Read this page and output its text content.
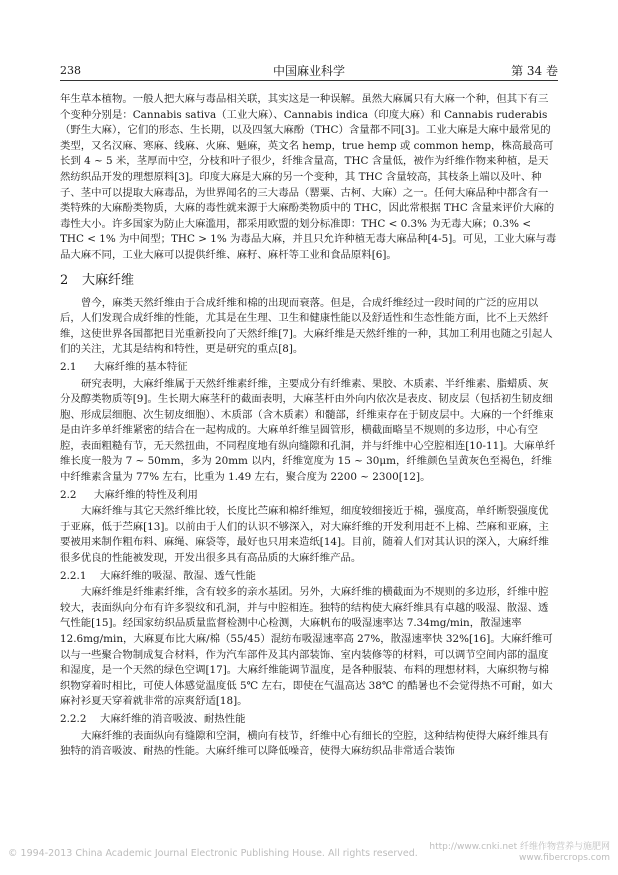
238	中国麻业科学	第 34 卷

年生草本植物。一般人把大麻与毒品相关联，其实这是一种误解。虽然大麻属只有大麻一个种，但其下有三个变种分别是：Cannabis sativa（工业大麻）、Cannabis indica（印度大麻）和 Cannabis ruderabis（野生大麻），它们的形态、生长期，以及四氢大麻酚（THC）含量都不同[3]。工业大麻是大麻中最常见的类型，又名汉麻、寒麻、线麻、火麻、魁麻，英文名 hemp，true hemp 或 common hemp，株高最高可长到 4 ~ 5 米，茎厚而中空，分枝和叶子很少，纤维含量高，THC 含量低，被作为纤维作物来种植，是天然纺织品开发的理想原料[3]。印度大麻是大麻的另一个变种，其 THC 含量较高，其枝条上端以及叶、种子、茎中可以提取大麻毒品，为世界闻名的三大毒品（罂粟、古柯、大麻）之一。任何大麻品种中都含有一类特殊的大麻酚类物质，大麻的毒性就来源于大麻酚类物质中的 THC，因此常根据 THC 含量来评价大麻的毒性大小。许多国家为防止大麻滥用，都采用欧盟的划分标准即：THC < 0.3% 为无毒大麻；0.3% < THC < 1% 为中间型；THC > 1% 为毒品大麻，并且只允许种植无毒大麻品种[4-5]。可见，工业大麻与毒品大麻不同，工业大麻可以提供纤维、麻籽、麻杆等工业和食品原料[6]。

2 大麻纤维

曾今，麻类天然纤维由于合成纤维和棉的出现而衰落。但是，合成纤维经过一段时间的广泛的应用以后，人们发现合成纤维的性能，尤其是在生理、卫生和健康性能以及舒适性和生态性能方面，比不上天然纤维，这使世界各国都把目光重新投向了天然纤维[7]。大麻纤维是天然纤维的一种，其加工利用也随之引起人们的关注，尤其是结构和特性，更是研究的重点[8]。

2.1 大麻纤维的基本特征

研究表明，大麻纤维属于天然纤维素纤维，主要成分有纤维素、果胶、木质素、半纤维素、脂蜡质、灰分及醇类物质等[9]。生长期大麻茎秆的截面表明，大麻茎杆由外向内依次是表皮、韧皮层（包括初生韧皮细胞、形成层细胞、次生韧皮细胞）、木质部（含木质素）和髓部，纤维束存在于韧皮层中。大麻的一个纤维束是由许多单纤维紧密的结合在一起构成的。大麻单纤维呈圆管形，横截面略呈不规则的多边形，中心有空腔，表面粗糙有节，无天然扭曲，不同程度地有纵向缝隙和孔洞，并与纤维中心空腔相连[10-11]。大麻单纤维长度一般为 7 ~ 50mm，多为 20mm 以内，纤维宽度为 15 ~ 30μm，纤维颜色呈黄灰色至褐色，纤维中纤维素含量为 77% 左右，比重为 1.49 左右，聚合度为 2200 ~ 2300[12]。

2.2 大麻纤维的特性及利用

大麻纤维与其它天然纤维比较，长度比苎麻和棉纤维短，细度较细接近于棉，强度高，单纤断裂强度优于亚麻，低于苎麻[13]。以前由于人们的认识不够深入，对大麻纤维的开发利用赶不上棉、苎麻和亚麻，主要被用来制作粗布料、麻绳、麻袋等，最好也只用来造纸[14]。目前，随着人们对其认识的深入，大麻纤维很多优良的性能被发现，开发出很多具有高品质的大麻纤维产品。

2.2.1 大麻纤维的吸湿、散湿、透气性能

大麻纤维是纤维素纤维，含有较多的亲水基团。另外，大麻纤维的横截面为不规则的多边形，纤维中腔较大，表面纵向分布有许多裂纹和孔洞，并与中腔相连。独特的结构使大麻纤维具有卓越的吸湿、散湿、透气性能[15]。经国家纺织品质量监督检测中心检测，大麻帆布的吸湿速率达 7.34mg/min，散湿速率 12.6mg/min，大麻夏布比大麻/棉（55/45）混纺布吸湿速率高 27%，散湿速率快 32%[16]。大麻纤维可以与一些聚合物制成复合材料，作为汽车部件及其内部装饰、室内装修等的材料，可以调节空间内部的温度和湿度，是一个天然的绿色空调[17]。大麻纤维能调节温度，是各种服装、布料的理想材料，大麻织物与棉织物穿着时相比，可使人体感觉温度低 5℃ 左右，即使在气温高达 38℃ 的酷暑也不会觉得热不可耐，如大麻衬衫夏天穿着就非常的凉爽舒适[18]。

2.2.2 大麻纤维的消音吸波、耐热性能

大麻纤维的表面纵向有缝隙和空洞，横向有枝节，纤维中心有细长的空腔，这种结构使得大麻纤维具有独特的消音吸波、耐热的性能。大麻纤维可以降低噪音，使得大麻纺织品非常适合装饰

© 1994-2013 China Academic Journal Electronic Publishing House. All rights reserved.
http://www.cnki.net 纤维作物营养与施肥网
www.fibercrops.com
